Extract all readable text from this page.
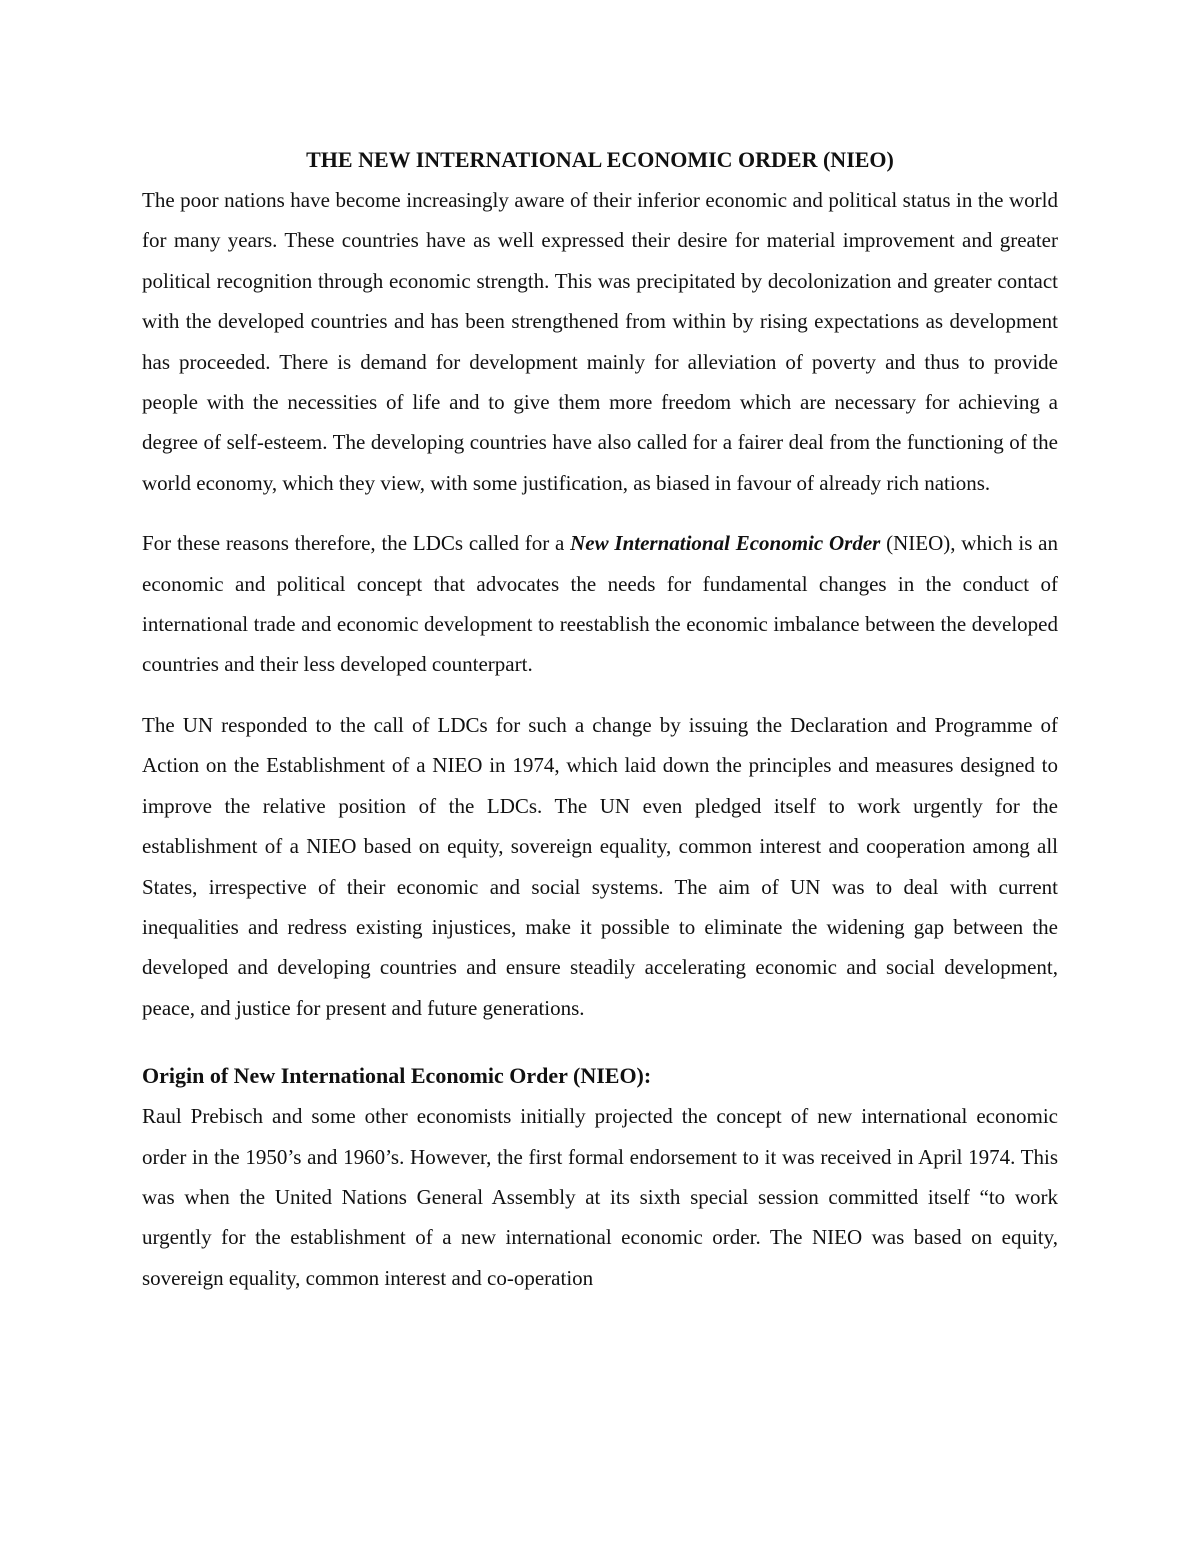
THE NEW INTERNATIONAL ECONOMIC ORDER (NIEO)

The poor nations have become increasingly aware of their inferior economic and political status in the world for many years. These countries have as well expressed their desire for material improvement and greater political recognition through economic strength. This was precipitated by decolonization and greater contact with the developed countries and has been strengthened from within by rising expectations as development has proceeded. There is demand for development mainly for alleviation of poverty and thus to provide people with the necessities of life and to give them more freedom which are necessary for achieving a degree of self-esteem. The developing countries have also called for a fairer deal from the functioning of the world economy, which they view, with some justification, as biased in favour of already rich nations.

For these reasons therefore, the LDCs called for a New International Economic Order (NIEO), which is an economic and political concept that advocates the needs for fundamental changes in the conduct of international trade and economic development to reestablish the economic imbalance between the developed countries and their less developed counterpart.

The UN responded to the call of LDCs for such a change by issuing the Declaration and Programme of Action on the Establishment of a NIEO in 1974, which laid down the principles and measures designed to improve the relative position of the LDCs. The UN even pledged itself to work urgently for the establishment of a NIEO based on equity, sovereign equality, common interest and cooperation among all States, irrespective of their economic and social systems. The aim of UN was to deal with current inequalities and redress existing injustices, make it possible to eliminate the widening gap between the developed and developing countries and ensure steadily accelerating economic and social development, peace, and justice for present and future generations.

Origin of New International Economic Order (NIEO):

Raul Prebisch and some other economists initially projected the concept of new international economic order in the 1950’s and 1960’s. However, the first formal endorsement to it was received in April 1974. This was when the United Nations General Assembly at its sixth special session committed itself “to work urgently for the establishment of a new international economic order. The NIEO was based on equity, sovereign equality, common interest and co-operation
